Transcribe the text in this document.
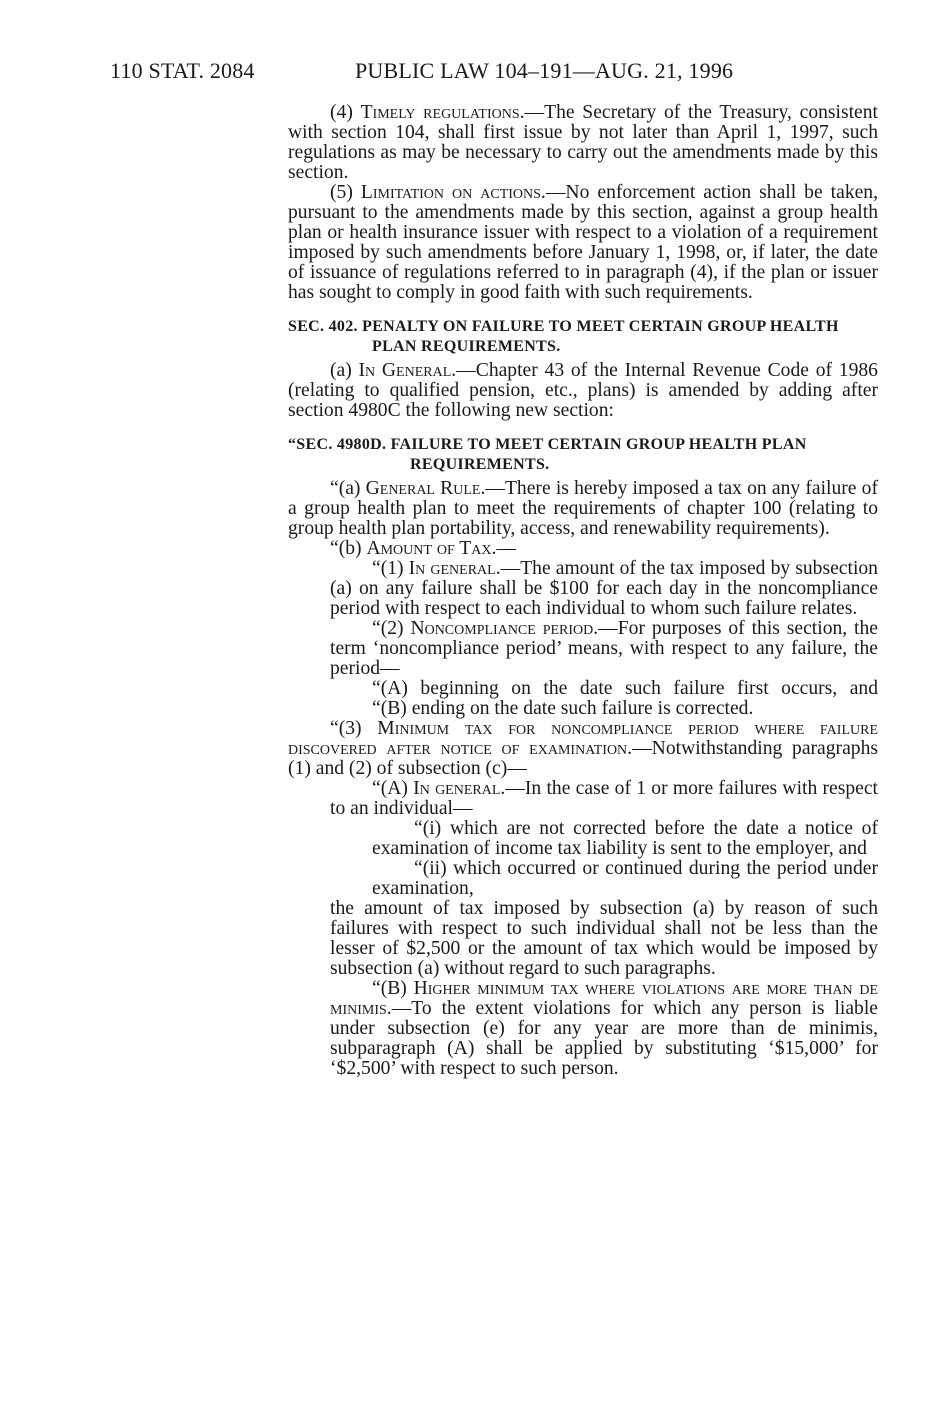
110 STAT. 2084	PUBLIC LAW 104–191—AUG. 21, 1996

(4) Timely regulations.—The Secretary of the Treasury, consistent with section 104, shall first issue by not later than April 1, 1997, such regulations as may be necessary to carry out the amendments made by this section.

(5) Limitation on actions.—No enforcement action shall be taken, pursuant to the amendments made by this section, against a group health plan or health insurance issuer with respect to a violation of a requirement imposed by such amendments before January 1, 1998, or, if later, the date of issuance of regulations referred to in paragraph (4), if the plan or issuer has sought to comply in good faith with such requirements.

SEC. 402. PENALTY ON FAILURE TO MEET CERTAIN GROUP HEALTH PLAN REQUIREMENTS.

(a) In General.—Chapter 43 of the Internal Revenue Code of 1986 (relating to qualified pension, etc., plans) is amended by adding after section 4980C the following new section:

“SEC. 4980D. FAILURE TO MEET CERTAIN GROUP HEALTH PLAN REQUIREMENTS.

“(a) General Rule.—There is hereby imposed a tax on any failure of a group health plan to meet the requirements of chapter 100 (relating to group health plan portability, access, and renewability requirements).

“(b) Amount of Tax.—

“(1) In general.—The amount of the tax imposed by subsection (a) on any failure shall be $100 for each day in the noncompliance period with respect to each individual to whom such failure relates.

“(2) Noncompliance period.—For purposes of this section, the term ‘noncompliance period’ means, with respect to any failure, the period—

“(A) beginning on the date such failure first occurs, and

“(B) ending on the date such failure is corrected.

“(3) Minimum tax for noncompliance period where failure discovered after notice of examination.—Notwithstanding paragraphs (1) and (2) of subsection (c)—

“(A) In general.—In the case of 1 or more failures with respect to an individual—

“(i) which are not corrected before the date a notice of examination of income tax liability is sent to the employer, and

“(ii) which occurred or continued during the period under examination,

the amount of tax imposed by subsection (a) by reason of such failures with respect to such individual shall not be less than the lesser of $2,500 or the amount of tax which would be imposed by subsection (a) without regard to such paragraphs.

“(B) Higher minimum tax where violations are more than de minimis.—To the extent violations for which any person is liable under subsection (e) for any year are more than de minimis, subparagraph (A) shall be applied by substituting ‘$15,000’ for ‘$2,500’ with respect to such person.
